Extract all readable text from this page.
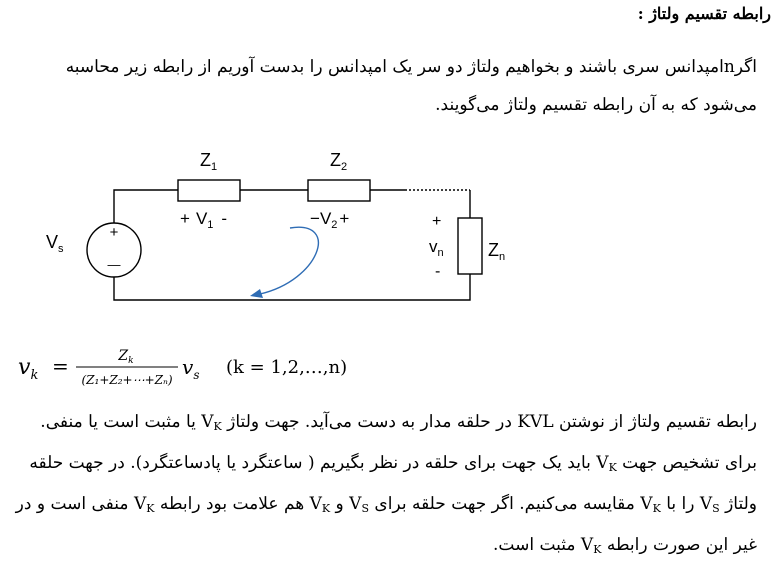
رابطه تقسیم ولتاژ :
اگرnامپدانس سری باشند و بخواهیم ولتاژ دو سر یک امپدانس را بدست آوریم از رابطه زیر محاسبه می‌شود که به آن رابطه تقسیم ولتاژ می‌گویند.
+
—
$Z_1$	$Z_2$
$Z_n$
$V_s$
+ $V_1$ -	$-V_2$ +	+
$v_n$
-
$v_k$ =	$Z_k$
(Z₁+Z₂+⋯+Zₙ)
$v_s$ (k = 1,2,…,n)
رابطه تقسیم ولتاژ از نوشتن KVL در حلقه مدار به دست می‌آید. جهت ولتاژ $V_K$ یا مثبت است یا منفی. برای تشخیص جهت $V_K$ باید یک جهت برای حلقه در نظر بگیریم ( ساعتگرد یا پادساعتگرد). در جهت حلقه ولتاژ $V_S$ را با $V_K$ مقایسه می‌کنیم. اگر جهت حلقه برای $V_S$ و $V_K$ هم علامت بود رابطه $V_K$ منفی است و در غیر این صورت رابطه $V_K$ مثبت است.
